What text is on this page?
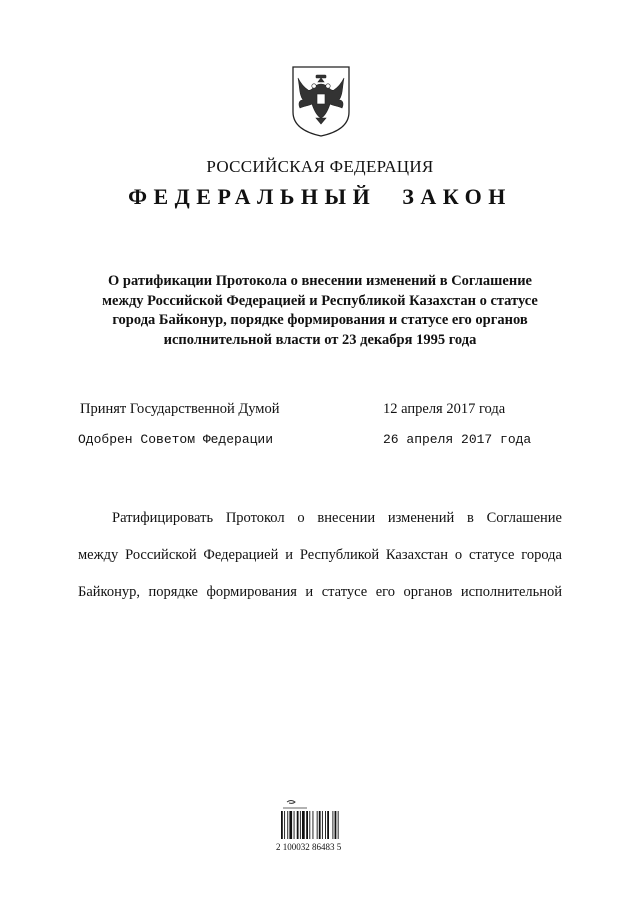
РОССИЙСКАЯ ФЕДЕРАЦИЯ
ФЕДЕРАЛЬНЫЙ ЗАКОН
О ратификации Протокола о внесении изменений в Соглашение
между Российской Федерацией и Республикой Казахстан о статусе
города Байконур, порядке формирования и статусе его органов
исполнительной власти от 23 декабря 1995 года
Принят Государственной Думой	12 апреля 2017 года
Одобрен Советом Федерации	26 апреля 2017 года
Ратифицировать Протокол о внесении изменений в Соглашение
между Российской Федерацией и Республикой Казахстан о статусе города
Байконур, порядке формирования и статусе его органов исполнительной
2 100032 86483 5
